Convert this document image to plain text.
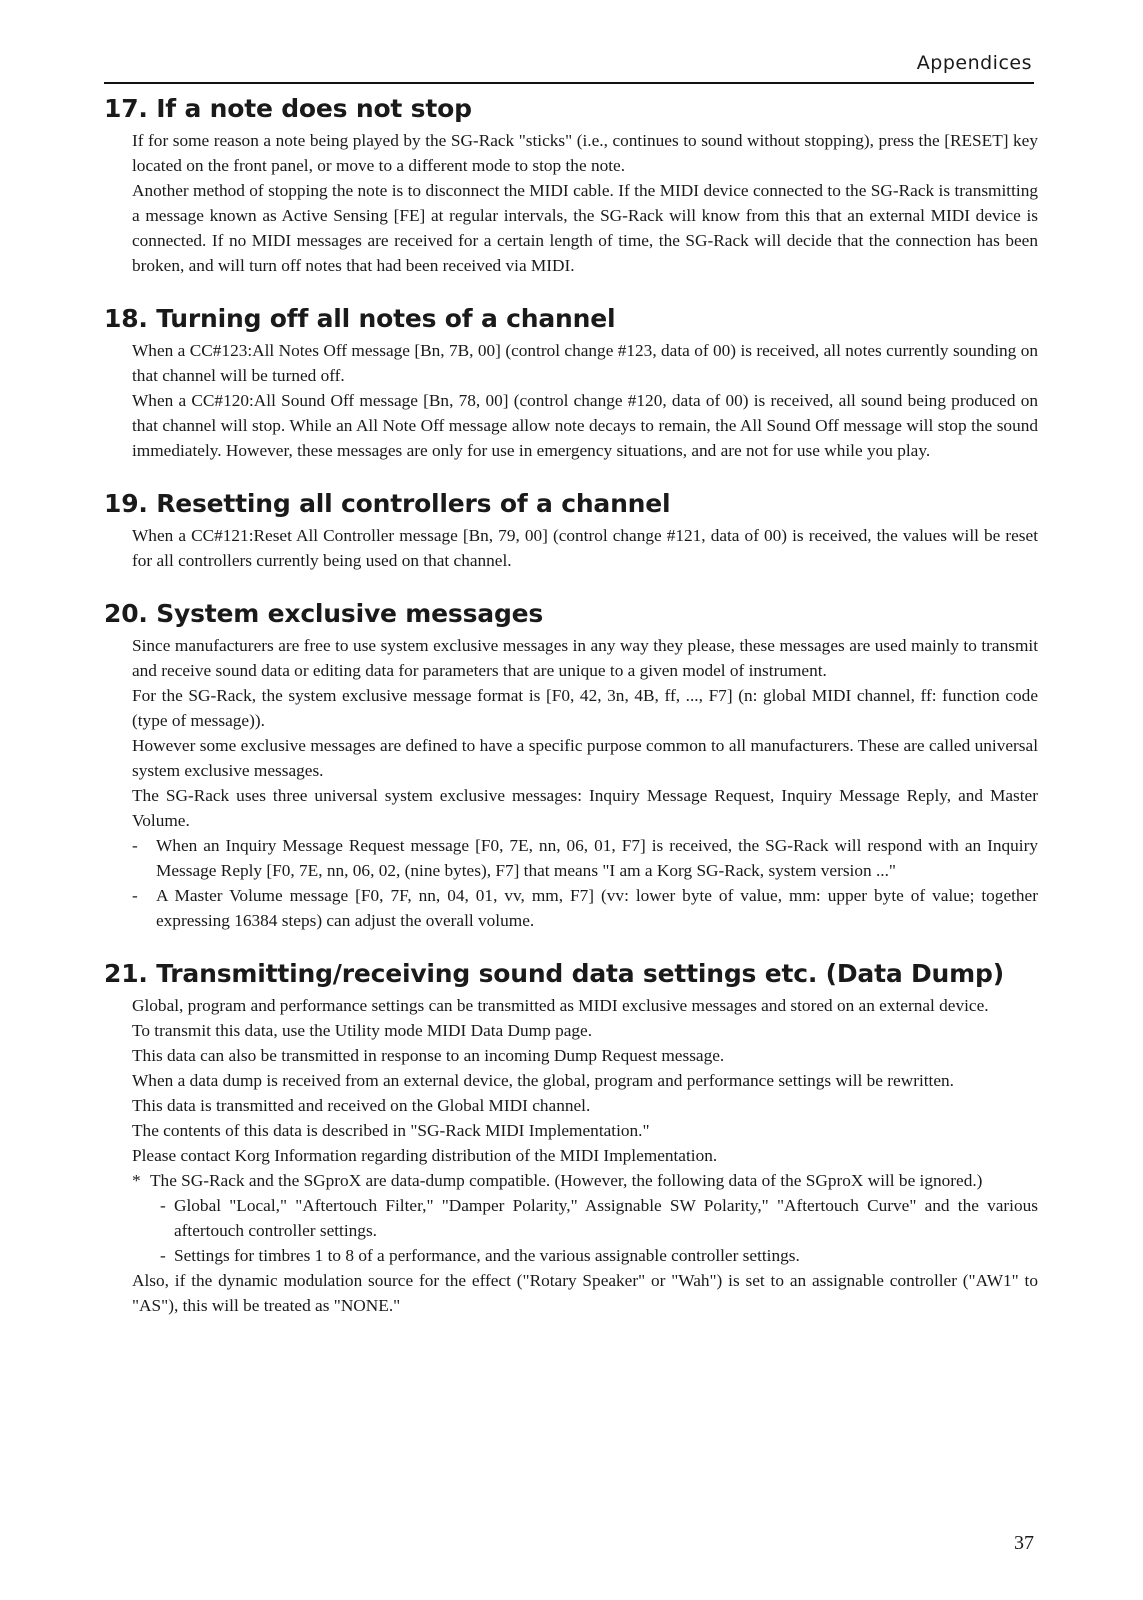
Appendices
17. If a note does not stop

If for some reason a note being played by the SG-Rack "sticks" (i.e., continues to sound without stopping), press the [RESET] key located on the front panel, or move to a different mode to stop the note.

Another method of stopping the note is to disconnect the MIDI cable. If the MIDI device connected to the SG-Rack is transmitting a message known as Active Sensing [FE] at regular intervals, the SG-Rack will know from this that an external MIDI device is connected. If no MIDI messages are received for a certain length of time, the SG-Rack will decide that the connection has been broken, and will turn off notes that had been received via MIDI.

18. Turning off all notes of a channel

When a CC#123:All Notes Off message [Bn, 7B, 00] (control change #123, data of 00) is received, all notes currently sounding on that channel will be turned off.

When a CC#120:All Sound Off message [Bn, 78, 00] (control change #120, data of 00) is received, all sound being produced on that channel will stop. While an All Note Off message allow note decays to remain, the All Sound Off message will stop the sound immediately. However, these messages are only for use in emergency situations, and are not for use while you play.

19. Resetting all controllers of a channel

When a CC#121:Reset All Controller message [Bn, 79, 00] (control change #121, data of 00) is received, the values will be reset for all controllers currently being used on that channel.

20. System exclusive messages

Since manufacturers are free to use system exclusive messages in any way they please, these messages are used mainly to transmit and receive sound data or editing data for parameters that are unique to a given model of instrument.

For the SG-Rack, the system exclusive message format is [F0, 42, 3n, 4B, ff, ..., F7] (n: global MIDI channel, ff: function code (type of message)).

However some exclusive messages are defined to have a specific purpose common to all manufacturers. These are called universal system exclusive messages.

The SG-Rack uses three universal system exclusive messages: Inquiry Message Request, Inquiry Message Reply, and Master Volume.

- When an Inquiry Message Request message [F0, 7E, nn, 06, 01, F7] is received, the SG-Rack will respond with an Inquiry Message Reply [F0, 7E, nn, 06, 02, (nine bytes), F7] that means "I am a Korg SG-Rack, system version ..."

- A Master Volume message [F0, 7F, nn, 04, 01, vv, mm, F7] (vv: lower byte of value, mm: upper byte of value; together expressing 16384 steps) can adjust the overall volume.

21. Transmitting/receiving sound data settings etc. (Data Dump)

Global, program and performance settings can be transmitted as MIDI exclusive messages and stored on an external device.

To transmit this data, use the Utility mode MIDI Data Dump page.

This data can also be transmitted in response to an incoming Dump Request message.

When a data dump is received from an external device, the global, program and performance settings will be rewritten.

This data is transmitted and received on the Global MIDI channel.

The contents of this data is described in "SG-Rack MIDI Implementation."

Please contact Korg Information regarding distribution of the MIDI Implementation.

* The SG-Rack and the SGproX are data-dump compatible. (However, the following data of the SGproX will be ignored.)

- Global "Local," "Aftertouch Filter," "Damper Polarity," Assignable SW Polarity," "Aftertouch Curve" and the various aftertouch controller settings.

- Settings for timbres 1 to 8 of a performance, and the various assignable controller settings.

Also, if the dynamic modulation source for the effect ("Rotary Speaker" or "Wah") is set to an assignable controller ("AW1" to "AS"), this will be treated as "NONE."

37
